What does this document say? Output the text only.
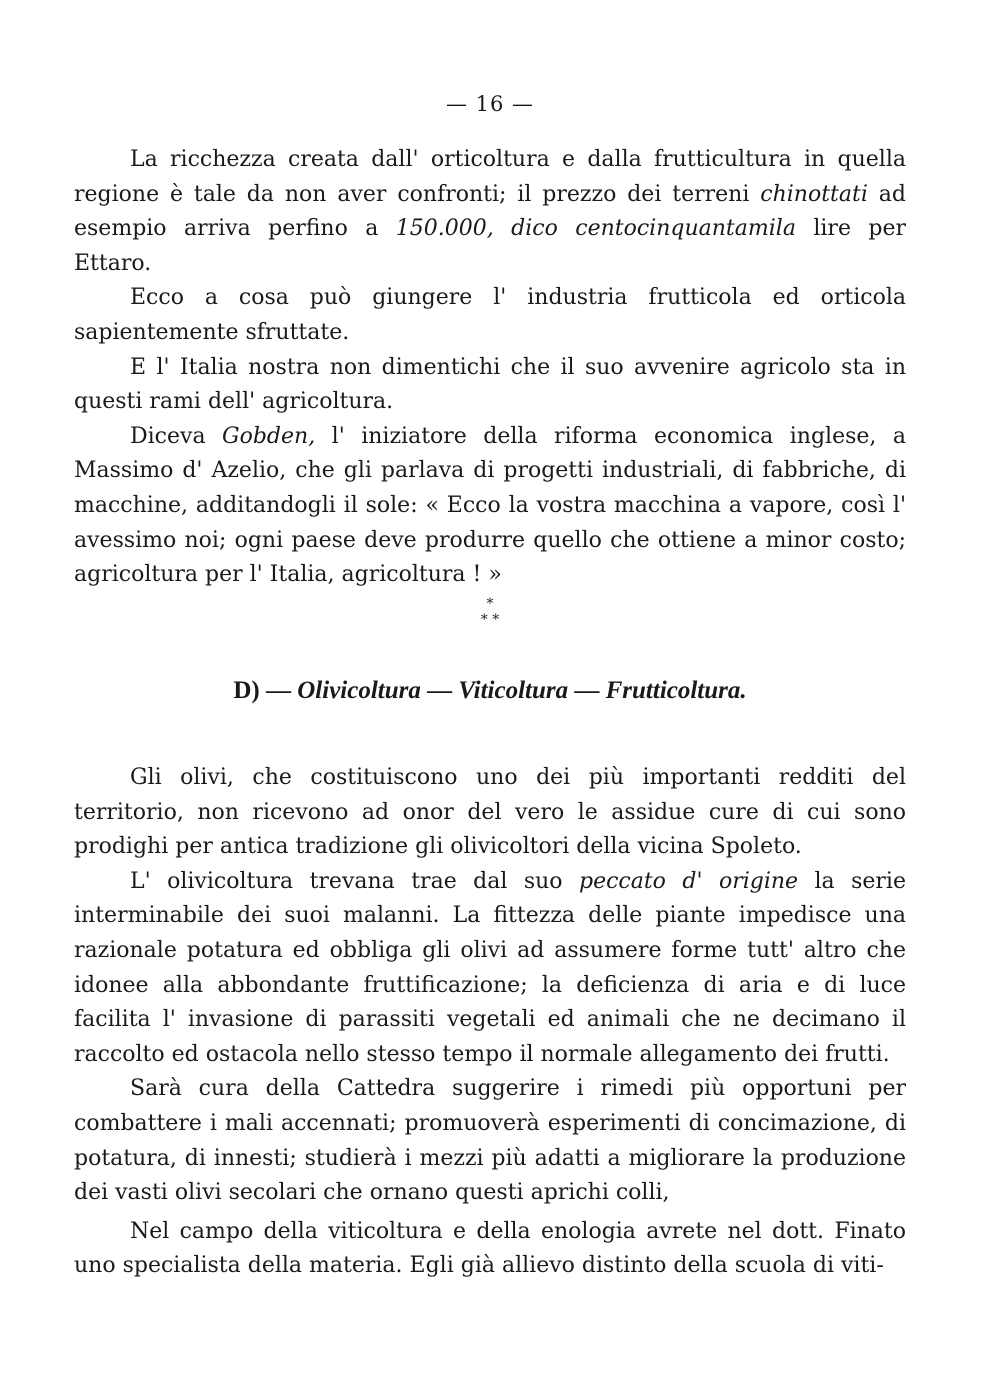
— 16 —

La ricchezza creata dall' orticoltura e dalla frutticultura in quella regione è tale da non aver confronti; il prezzo dei terreni chinottati ad esempio arriva perfino a 150.000, dico centocinquantamila lire per Ettaro.

Ecco a cosa può giungere l' industria frutticola ed orticola sapientemente sfruttate.

E l' Italia nostra non dimentichi che il suo avvenire agricolo sta in questi rami dell' agricoltura.

Diceva Gobden, l' iniziatore della riforma economica inglese, a Massimo d' Azelio, che gli parlava di progetti industriali, di fabbriche, di macchine, additandogli il sole: « Ecco la vostra macchina a vapore, così l' avessimo noi; ogni paese deve produrre quello che ottiene a minor costo; agricoltura per l' Italia, agricoltura ! »

*
* *
D) — Olivicoltura — Viticoltura — Frutticoltura.

Gli olivi, che costituiscono uno dei più importanti redditi del territorio, non ricevono ad onor del vero le assidue cure di cui sono prodighi per antica tradizione gli olivicoltori della vicina Spoleto.

L' olivicoltura trevana trae dal suo peccato d' origine la serie interminabile dei suoi malanni. La fittezza delle piante impedisce una razionale potatura ed obbliga gli olivi ad assumere forme tutt' altro che idonee alla abbondante fruttificazione; la deficienza di aria e di luce facilita l' invasione di parassiti vegetali ed animali che ne decimano il raccolto ed ostacola nello stesso tempo il normale allegamento dei frutti.

Sarà cura della Cattedra suggerire i rimedi più opportuni per combattere i mali accennati; promuoverà esperimenti di concimazione, di potatura, di innesti; studierà i mezzi più adatti a migliorare la produzione dei vasti olivi secolari che ornano questi aprichi colli,

Nel campo della viticoltura e della enologia avrete nel dott. Finato uno specialista della materia. Egli già allievo distinto della scuola di viti-
